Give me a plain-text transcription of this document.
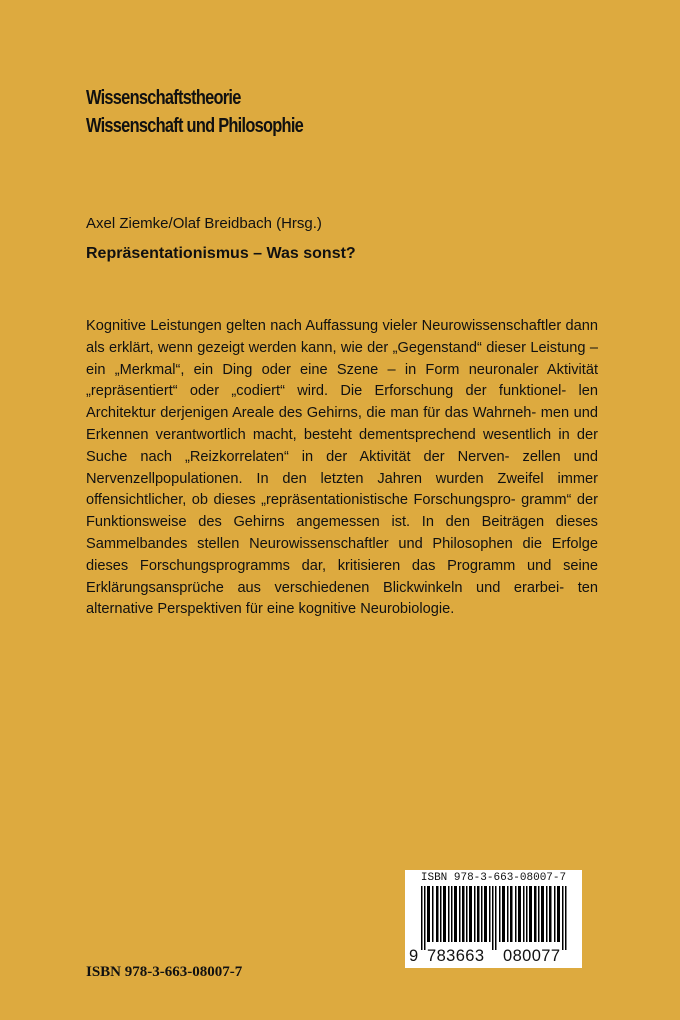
Wissenschaftstheorie
Wissenschaft und Philosophie
Axel Ziemke/Olaf Breidbach (Hrsg.)
Repräsentationismus – Was sonst?
Kognitive Leistungen gelten nach Auffassung vieler Neurowissenschaftler dann als erklärt, wenn gezeigt werden kann, wie der „Gegenstand“ dieser Leistung – ein „Merkmal“, ein Ding oder eine Szene – in Form neuronaler Aktivität „repräsentiert“ oder „codiert“ wird. Die Erforschung der funktionel- len Architektur derjenigen Areale des Gehirns, die man für das Wahrneh- men und Erkennen verantwortlich macht, besteht dementsprechend wesentlich in der Suche nach „Reizkorrelaten“ in der Aktivität der Nerven- zellen und Nervenzellpopulationen. In den letzten Jahren wurden Zweifel immer offensichtlicher, ob dieses „repräsentationistische Forschungspro- gramm“ der Funktionsweise des Gehirns angemessen ist. In den Beiträgen dieses Sammelbandes stellen Neurowissenschaftler und Philosophen die Erfolge dieses Forschungsprogramms dar, kritisieren das Programm und seine Erklärungsansprüche aus verschiedenen Blickwinkeln und erarbei- ten alternative Perspektiven für eine kognitive Neurobiologie.
ISBN 978-3-663-08007-7
9 783663 080077
ISBN 978-3-663-08007-7
